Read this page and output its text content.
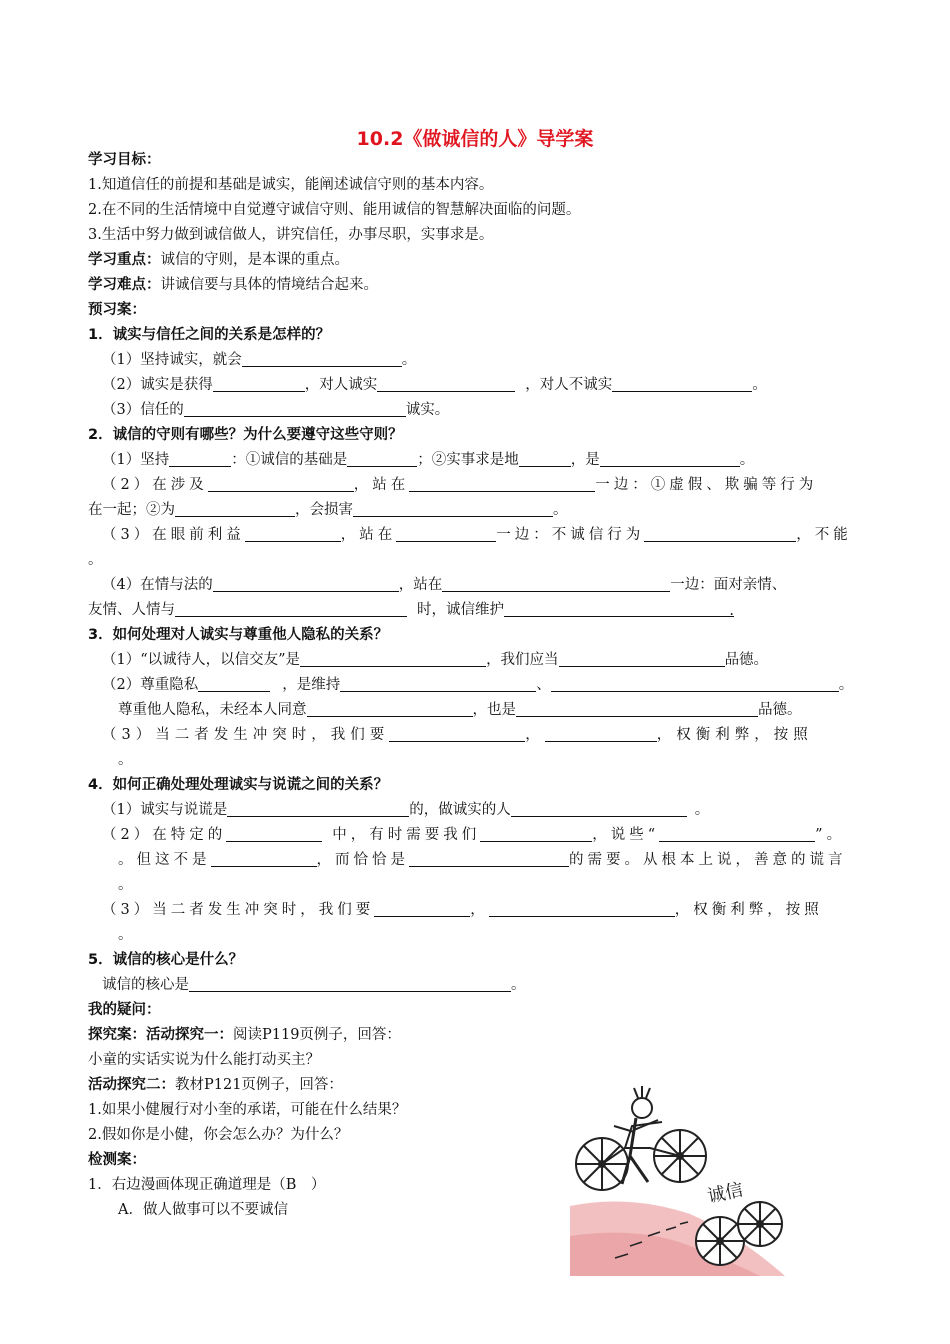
10.2《做诚信的人》导学案
学习目标：
1.知道信任的前提和基础是诚实，能阐述诚信守则的基本内容。
2.在不同的生活情境中自觉遵守诚信守则、能用诚信的智慧解决面临的问题。
3.生活中努力做到诚信做人，讲究信任，办事尽职，实事求是。
学习重点：诚信的守则，是本课的重点。
学习难点：讲诚信要与具体的情境结合起来。
预习案：
1．诚实与信任之间的关系是怎样的？
（1）坚持诚实，就会	。
（2）诚实是获得	，对人诚实	，对人不诚实	。
（3）信任的	诚实。
2．诚信的守则有哪些？为什么要遵守这些守则？
（1）坚持	：①诚信的基础是	；②实事求是地	，是	。
（2）在涉及	，站在	一边：①虚假、欺骗等行为
在一起；②为	，会损害	。
（3）在眼前利益	，站在	一边：不诚信行为	，不能
。
（4）在情与法的	，站在	一边：面对亲情、
友情、人情与	时，诚信维护	.
3．如何处理对人诚实与尊重他人隐私的关系？
（1）“以诚待人，以信交友”是	，我们应当	品德。
（2）尊重隐私	，是维持	、	。
尊重他人隐私，未经本人同意	，也是	品德。
（3）当二者发生冲突时，我们要	，	，权衡利弊，按照
。
4．如何正确处理处理诚实与说谎之间的关系？
（1）诚实与说谎是	的，做诚实的人	。
（2）在特定的	中，有时需要我们	，说些“	”。
。但这不是	，而恰恰是	的需要。从根本上说，善意的谎言
。
（3）当二者发生冲突时，我们要	，	，权衡利弊，按照
。
5．诚信的核心是什么？
诚信的核心是	。
我的疑问：
探究案：活动探究一：阅读P119页例子，回答：
小童的实话实说为什么能打动买主？
活动探究二：教材P121页例子，回答：
1.如果小健履行对小奎的承诺，可能在什么结果？
2.假如你是小健，你会怎么办？为什么？
检测案：
1．右边漫画体现正确道理是（B　）
A．做人做事可以不要诚信
诚信
